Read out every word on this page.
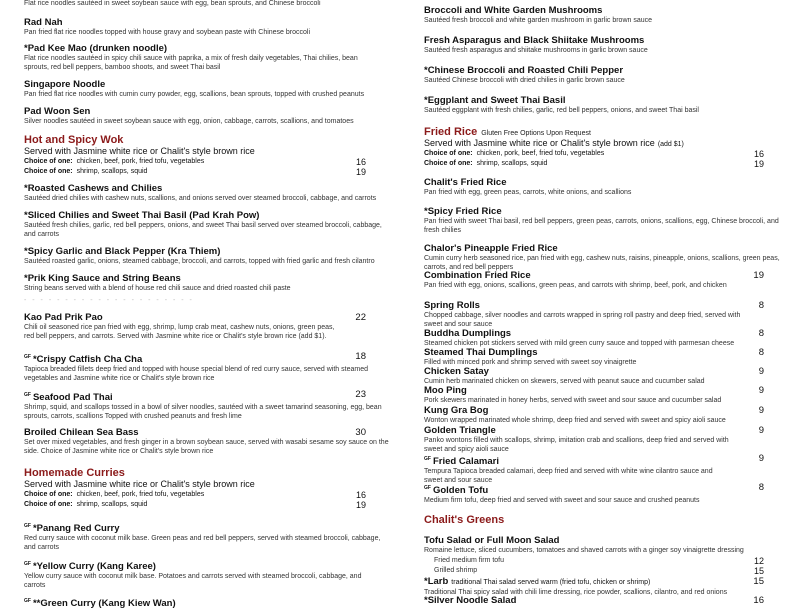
Flat rice noodles sautéed in sweet soybean sauce with egg, bean sprouts, and Chinese broccoli
Rad Nah
Pan fried flat rice noodles topped with house gravy and soybean paste with Chinese broccoli
*Pad Kee Mao (drunken noodle)
Flat rice noodles sautéed in spicy chili sauce with paprika, a mix of fresh daily vegetables, Thai chilies, bean
sprouts, red bell peppers, bamboo shoots, and sweet Thai basil
Singapore Noodle
Pan fried flat rice noodles with cumin curry powder, egg, scallions, bean sprouts, topped with crushed peanuts
Pad Woon Sen
Silver noodles sautéed in sweet soybean sauce with egg, onion, cabbage, carrots, scallions, and tomatoes
Hot and Spicy Wok
Served with Jasmine white rice or Chalit's style brown rice
Choice of one: chicken, beef, pork, fried tofu, vegetables	16
Choice of one: shrimp, scallops, squid	19
*Roasted Cashews and Chilies
Sautéed dried chilies with cashew nuts, scallions, and onions served over steamed broccoli, cabbage, and carrots
*Sliced Chilies and Sweet Thai Basil (Pad Krah Pow)
Sautéed fresh chilies, garlic, red bell peppers, onions, and sweet Thai basil served over steamed broccoli, cabbage,
and carrots
*Spicy Garlic and Black Pepper (Kra Thiem)
Sautéed roasted garlic, onions, steamed cabbage, broccoli, and carrots, topped with fried garlic and fresh cilantro
*Prik King Sauce and String Beans
String beans served with a blend of house red chili sauce and dried roasted chili paste
- - - - - - - - - - - - - - - - - - - - -
Kao Pad Prik Pao	22
Chili oil seasoned rice pan fried with egg, shrimp, lump crab meat, cashew nuts, onions, green peas,
red bell peppers, and carrots. Served with Jasmine white rice or Chalit's style brown rice (add $1).
$^{GF}$ *Crispy Catfish Cha Cha	18
Tapioca breaded fillets deep fried and topped with house special blend of red curry sauce, served with steamed
vegetables and Jasmine white rice or Chalit's style brown rice
$^{GF}$ Seafood Pad Thai	23
Shrimp, squid, and scallops tossed in a bowl of silver noodles, sautéed with a sweet tamarind seasoning, egg, bean
sprouts, carrots, scallions Topped with crushed peanuts and fresh lime
Broiled Chilean Sea Bass	30
Set over mixed vegetables, and fresh ginger in a brown soybean sauce, served with wasabi sesame soy sauce on the
side. Choice of Jasmine white rice or Chalit's style brown rice
Homemade Curries
Served with Jasmine white rice or Chalit's style brown rice
Choice of one: chicken, beef, pork, fried tofu, vegetables	16
Choice of one: shrimp, scallops, squid	19
$^{GF}$ *Panang Red Curry
Red curry sauce with coconut milk base. Green peas and red bell peppers, served with steamed broccoli, cabbage,
and carrots
$^{GF}$ *Yellow Curry (Kang Karee)
Yellow curry sauce with coconut milk base. Potatoes and carrots served with steamed broccoli, cabbage, and
carrots
$^{GF}$ **Green Curry (Kang Kiew Wan)
Broccoli and White Garden Mushrooms
Sautéed fresh broccoli and white garden mushroom in garlic brown sauce
Fresh Asparagus and Black Shiitake Mushrooms
Sautéed fresh asparagus and shiitake mushrooms in garlic brown sauce
*Chinese Broccoli and Roasted Chili Pepper
Sautéed Chinese broccoli with dried chilies in garlic brown sauce
*Eggplant and Sweet Thai Basil
Sautéed eggplant with fresh chilies, garlic, red bell peppers, onions, and sweet Thai basil
Fried Rice Gluten Free Options Upon Request
Served with Jasmine white rice or Chalit's style brown rice (add $1)
Choice of one: chicken, pork, beef, fried tofu, vegetables	16
Choice of one: shrimp, scallops, squid	19
Chalit's Fried Rice
Pan fried with egg, green peas, carrots, white onions, and scallions
*Spicy Fried Rice
Pan fried with sweet Thai basil, red bell peppers, green peas, carrots, onions, scallions, egg, Chinese broccoli, and
fresh chilies
Chalor's Pineapple Fried Rice
Cumin curry herb seasoned rice, pan fried with egg, cashew nuts, raisins, pineapple, onions, scallions, green peas,
carrots, and red bell peppers
Combination Fried Rice	19
Pan fried with egg, onions, scallions, green peas, and carrots with shrimp, beef, pork, and chicken
Spring Rolls	8
Chopped cabbage, silver noodles and carrots wrapped in spring roll pastry and deep fried, served with
sweet and sour sauce
Buddha Dumplings	8
Steamed chicken pot stickers served with mild green curry sauce and topped with parmesan cheese
Steamed Thai Dumplings	8
Filled with minced pork and shrimp served with sweet soy vinaigrette
Chicken Satay	9
Cumin herb marinated chicken on skewers, served with peanut sauce and cucumber salad
Moo Ping	9
Pork skewers marinated in honey herbs, served with sweet and sour sauce and cucumber salad
Kung Gra Bog	9
Wonton wrapped marinated whole shrimp, deep fried and served with sweet and spicy aioli sauce
Golden Triangle	9
Panko wontons filled with scallops, shrimp, imitation crab and scallions, deep fried and served with
sweet and spicy aioli sauce
$^{GF}$ Fried Calamari	9
Tempura Tapioca breaded calamari, deep fried and served with white wine cilantro sauce and
sweet and sour sauce
$^{GF}$ Golden Tofu	8
Medium firm tofu, deep fried and served with sweet and sour sauce and crushed peanuts
Chalit's Greens
Tofu Salad or Full Moon Salad
Romaine lettuce, sliced cucumbers, tomatoes and shaved carrots with a ginger soy vinaigrette dressing
Fried medium firm tofu	12
Grilled shrimp	15
*Larb traditional Thai salad served warm (fried tofu, chicken or shrimp)	15
Traditional Thai spicy salad with chili lime dressing, rice powder, scallions, cilantro, and red onions
*Silver Noodle Salad	16
